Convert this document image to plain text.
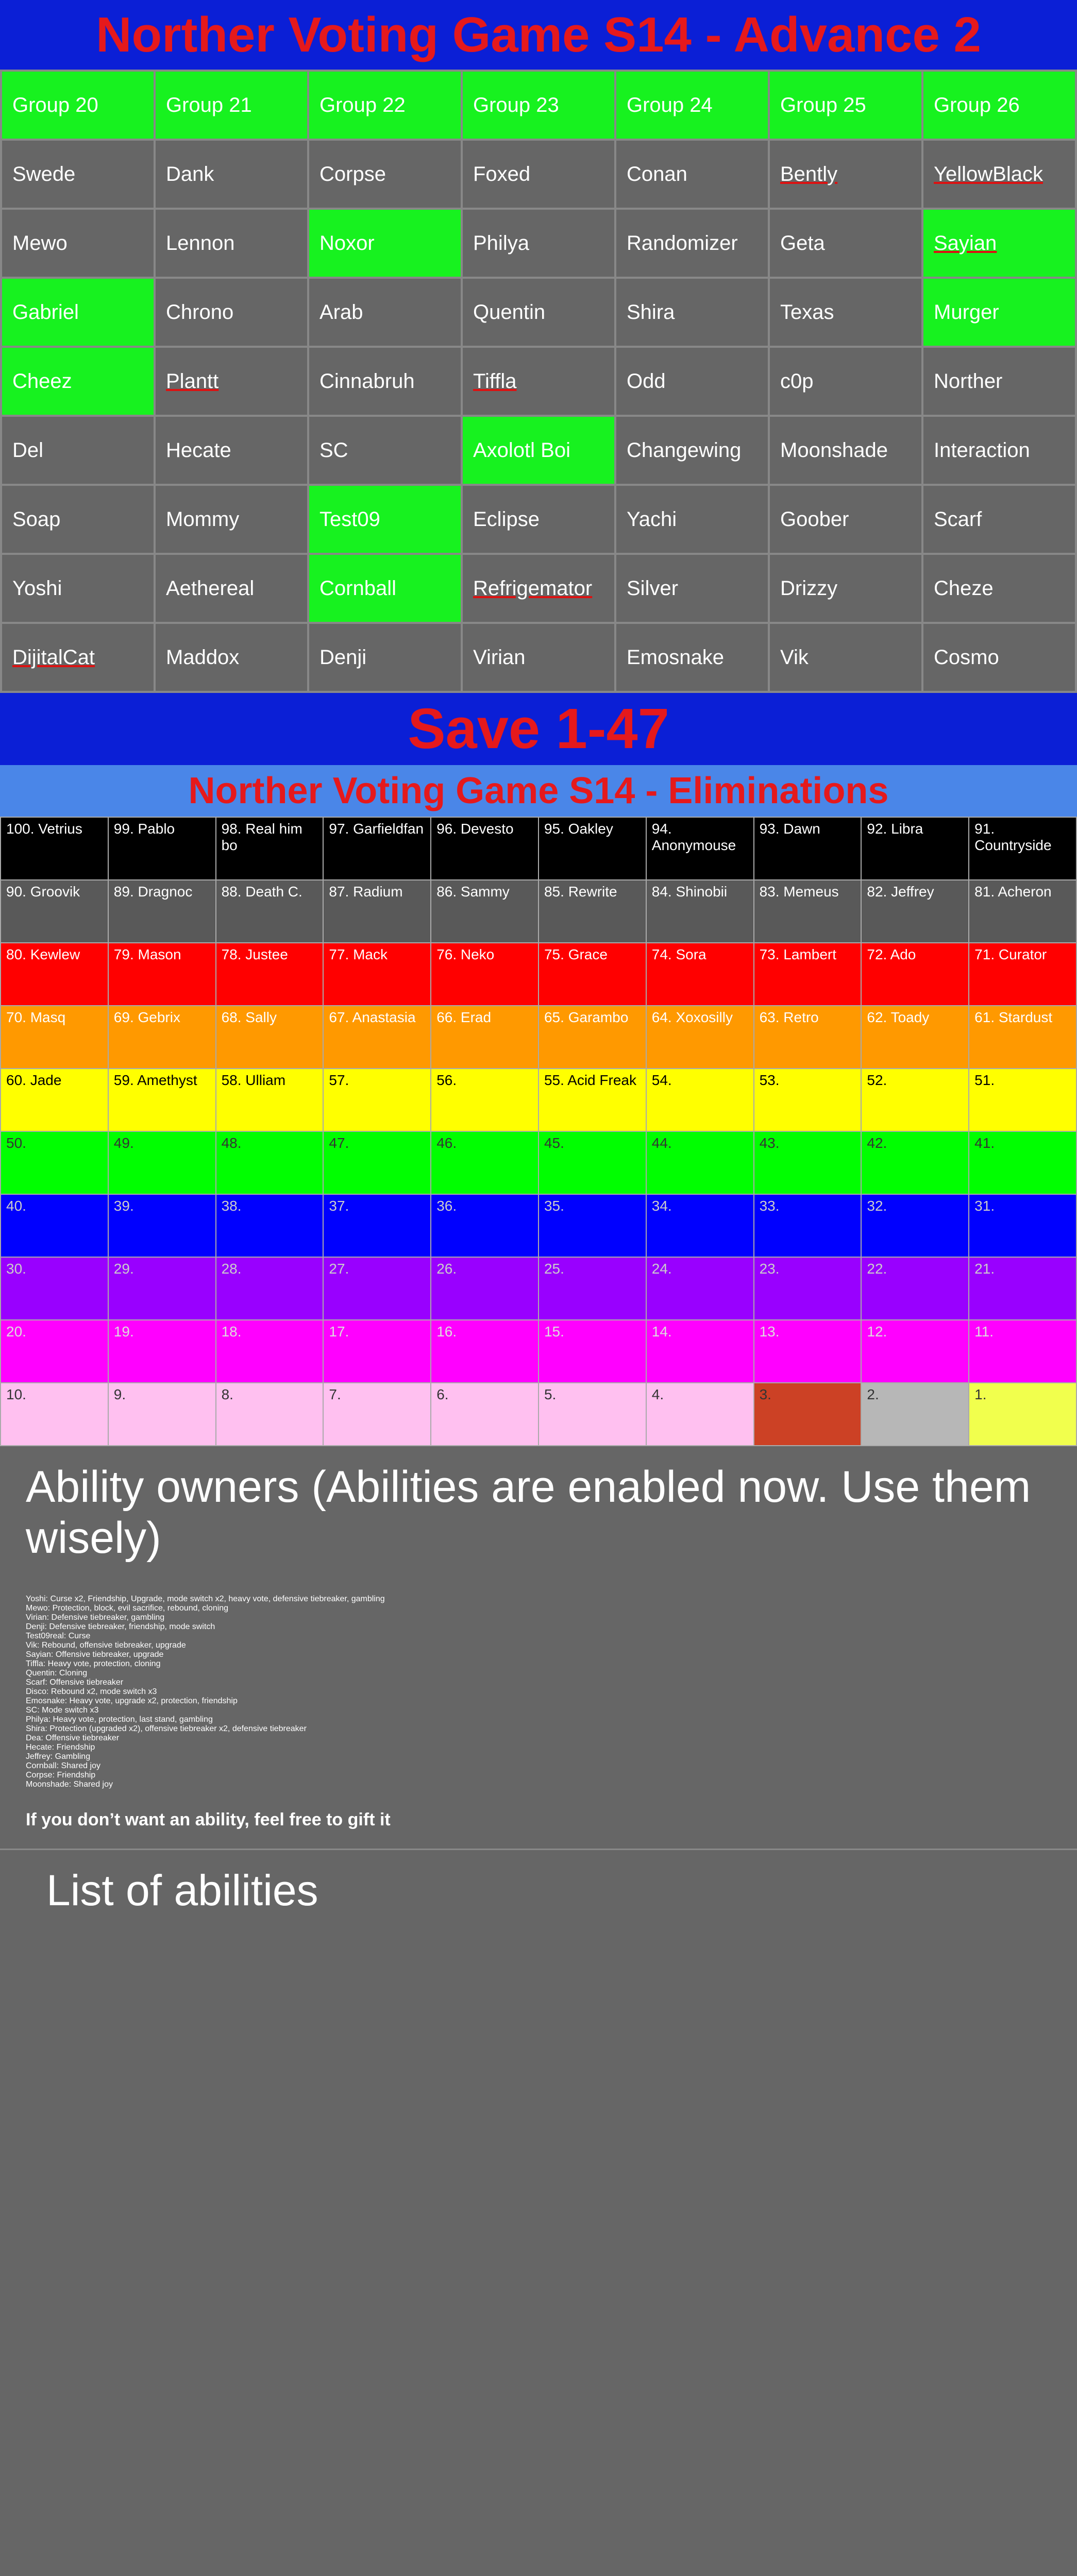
Norther Voting Game S14 - Advance 2
Group 20	Group 21	Group 22	Group 23	Group 24	Group 25	Group 26
Swede	Dank	Corpse	Foxed	Conan	Bently	YellowBlack
Mewo	Lennon	Noxor	Philya	Randomizer	Geta	Sayian
Gabriel	Chrono	Arab	Quentin	Shira	Texas	Murger
Cheez	Plantt	Cinnabruh	Tiffla	Odd	c0p	Norther
Del	Hecate	SC	Axolotl Boi	Changewing	Moonshade	Interaction
Soap	Mommy	Test09	Eclipse	Yachi	Goober	Scarf
Yoshi	Aethereal	Cornball	Refrigemator	Silver	Drizzy	Cheze
DijitalCat	Maddox	Denji	Virian	Emosnake	Vik	Cosmo
Save 1-47
Norther Voting Game S14 - Eliminations
100. Vetrius	99. Pablo	98. Real him bo	97. Garfieldfan	96. Devesto	95. Oakley	94. Anonymouse	93. Dawn	92. Libra	91. Countryside
90. Groovik	89. Dragnoc	88. Death C.	87. Radium	86. Sammy	85. Rewrite	84. Shinobii	83. Memeus	82. Jeffrey	81. Acheron
80. Kewlew	79. Mason	78. Justee	77. Mack	76. Neko	75. Grace	74. Sora	73. Lambert	72. Ado	71. Curator
70. Masq	69. Gebrix	68. Sally	67. Anastasia	66. Erad	65. Garambo	64. Xoxosilly	63. Retro	62. Toady	61. Stardust
60. Jade	59. Amethyst	58. Ulliam	57.	56.	55. Acid Freak	54.	53.	52.	51.
50.	49.	48.	47.	46.	45.	44.	43.	42.	41.
40.	39.	38.	37.	36.	35.	34.	33.	32.	31.
30.	29.	28.	27.	26.	25.	24.	23.	22.	21.
20.	19.	18.	17.	16.	15.	14.	13.	12.	11.
10.	9.	8.	7.	6.	5.	4.	3.	2.	1.
Ability owners (Abilities are enabled now. Use them wisely)
Yoshi: Curse x2, Friendship, Upgrade, mode switch x2, heavy vote, defensive tiebreaker, gambling
Mewo: Protection, block, evil sacrifice, rebound, cloning
Virian: Defensive tiebreaker, gambling
Denji: Defensive tiebreaker, friendship, mode switch
Test09real: Curse
Vik: Rebound, offensive tiebreaker, upgrade
Sayian: Offensive tiebreaker, upgrade
Tiffla: Heavy vote, protection, cloning
Quentin: Cloning
Scarf: Offensive tiebreaker
Disco: Rebound x2, mode switch x3
Emosnake: Heavy vote, upgrade x2, protection, friendship
SC: Mode switch x3
Philya: Heavy vote, protection, last stand, gambling
Shira: Protection (upgraded x2), offensive tiebreaker x2, defensive tiebreaker
Dea: Offensive tiebreaker
Hecate: Friendship
Jeffrey: Gambling
Cornball: Shared joy
Corpse: Friendship
Moonshade: Shared joy
If you don’t want an ability, feel free to gift it
List of abilities
